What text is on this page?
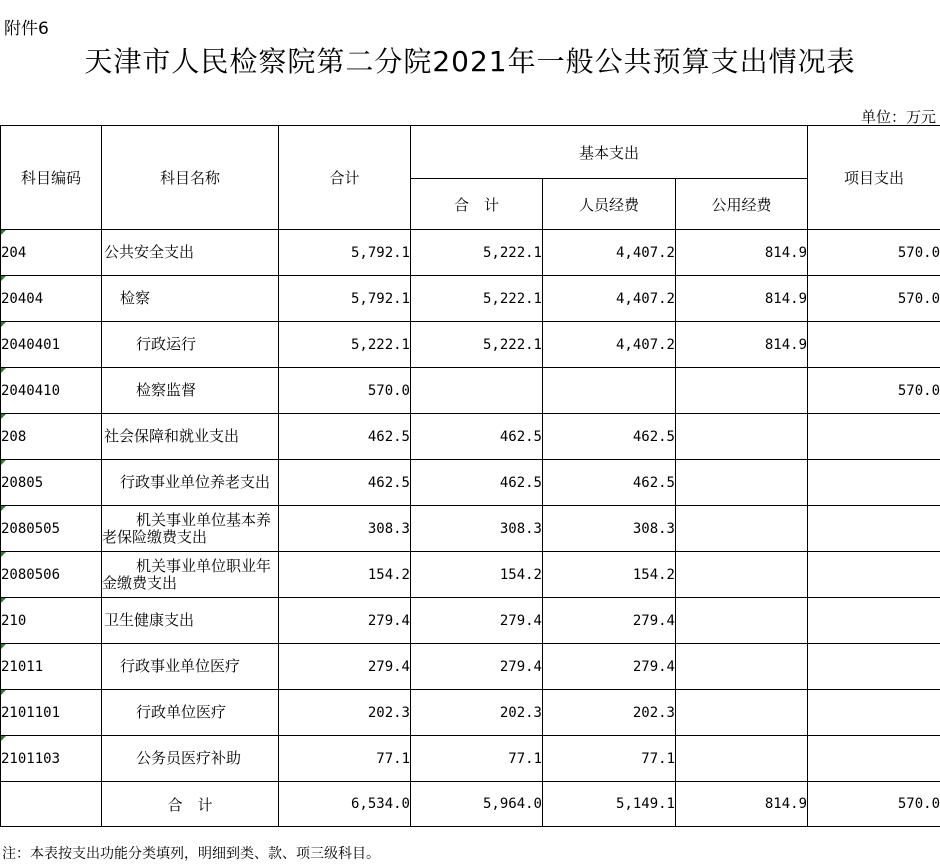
附件6
天津市人民检察院第二分院2021年一般公共预算支出情况表
单位：万元
科目编码	科目名称	合计	基本支出			项目支出
			合　计	人员经费	公用经费	
204	公共安全支出	5,792.1	5,222.1	4,407.2	814.9	570.0
20404	检察	5,792.1	5,222.1	4,407.2	814.9	570.0
2040401	行政运行	5,222.1	5,222.1	4,407.2	814.9	
2040410	检察监督	570.0				570.0
208	社会保障和就业支出	462.5	462.5	462.5		
20805	行政事业单位养老支出	462.5	462.5	462.5		
2080505	机关事业单位基本养老保险缴费支出	308.3	308.3	308.3		
2080506	机关事业单位职业年金缴费支出	154.2	154.2	154.2		
210	卫生健康支出	279.4	279.4	279.4		
21011	行政事业单位医疗	279.4	279.4	279.4		
2101101	行政单位医疗	202.3	202.3	202.3		
2101103	公务员医疗补助	77.1	77.1	77.1		
	合　计	6,534.0	5,964.0	5,149.1	814.9	570.0
注：本表按支出功能分类填列，明细到类、款、项三级科目。
